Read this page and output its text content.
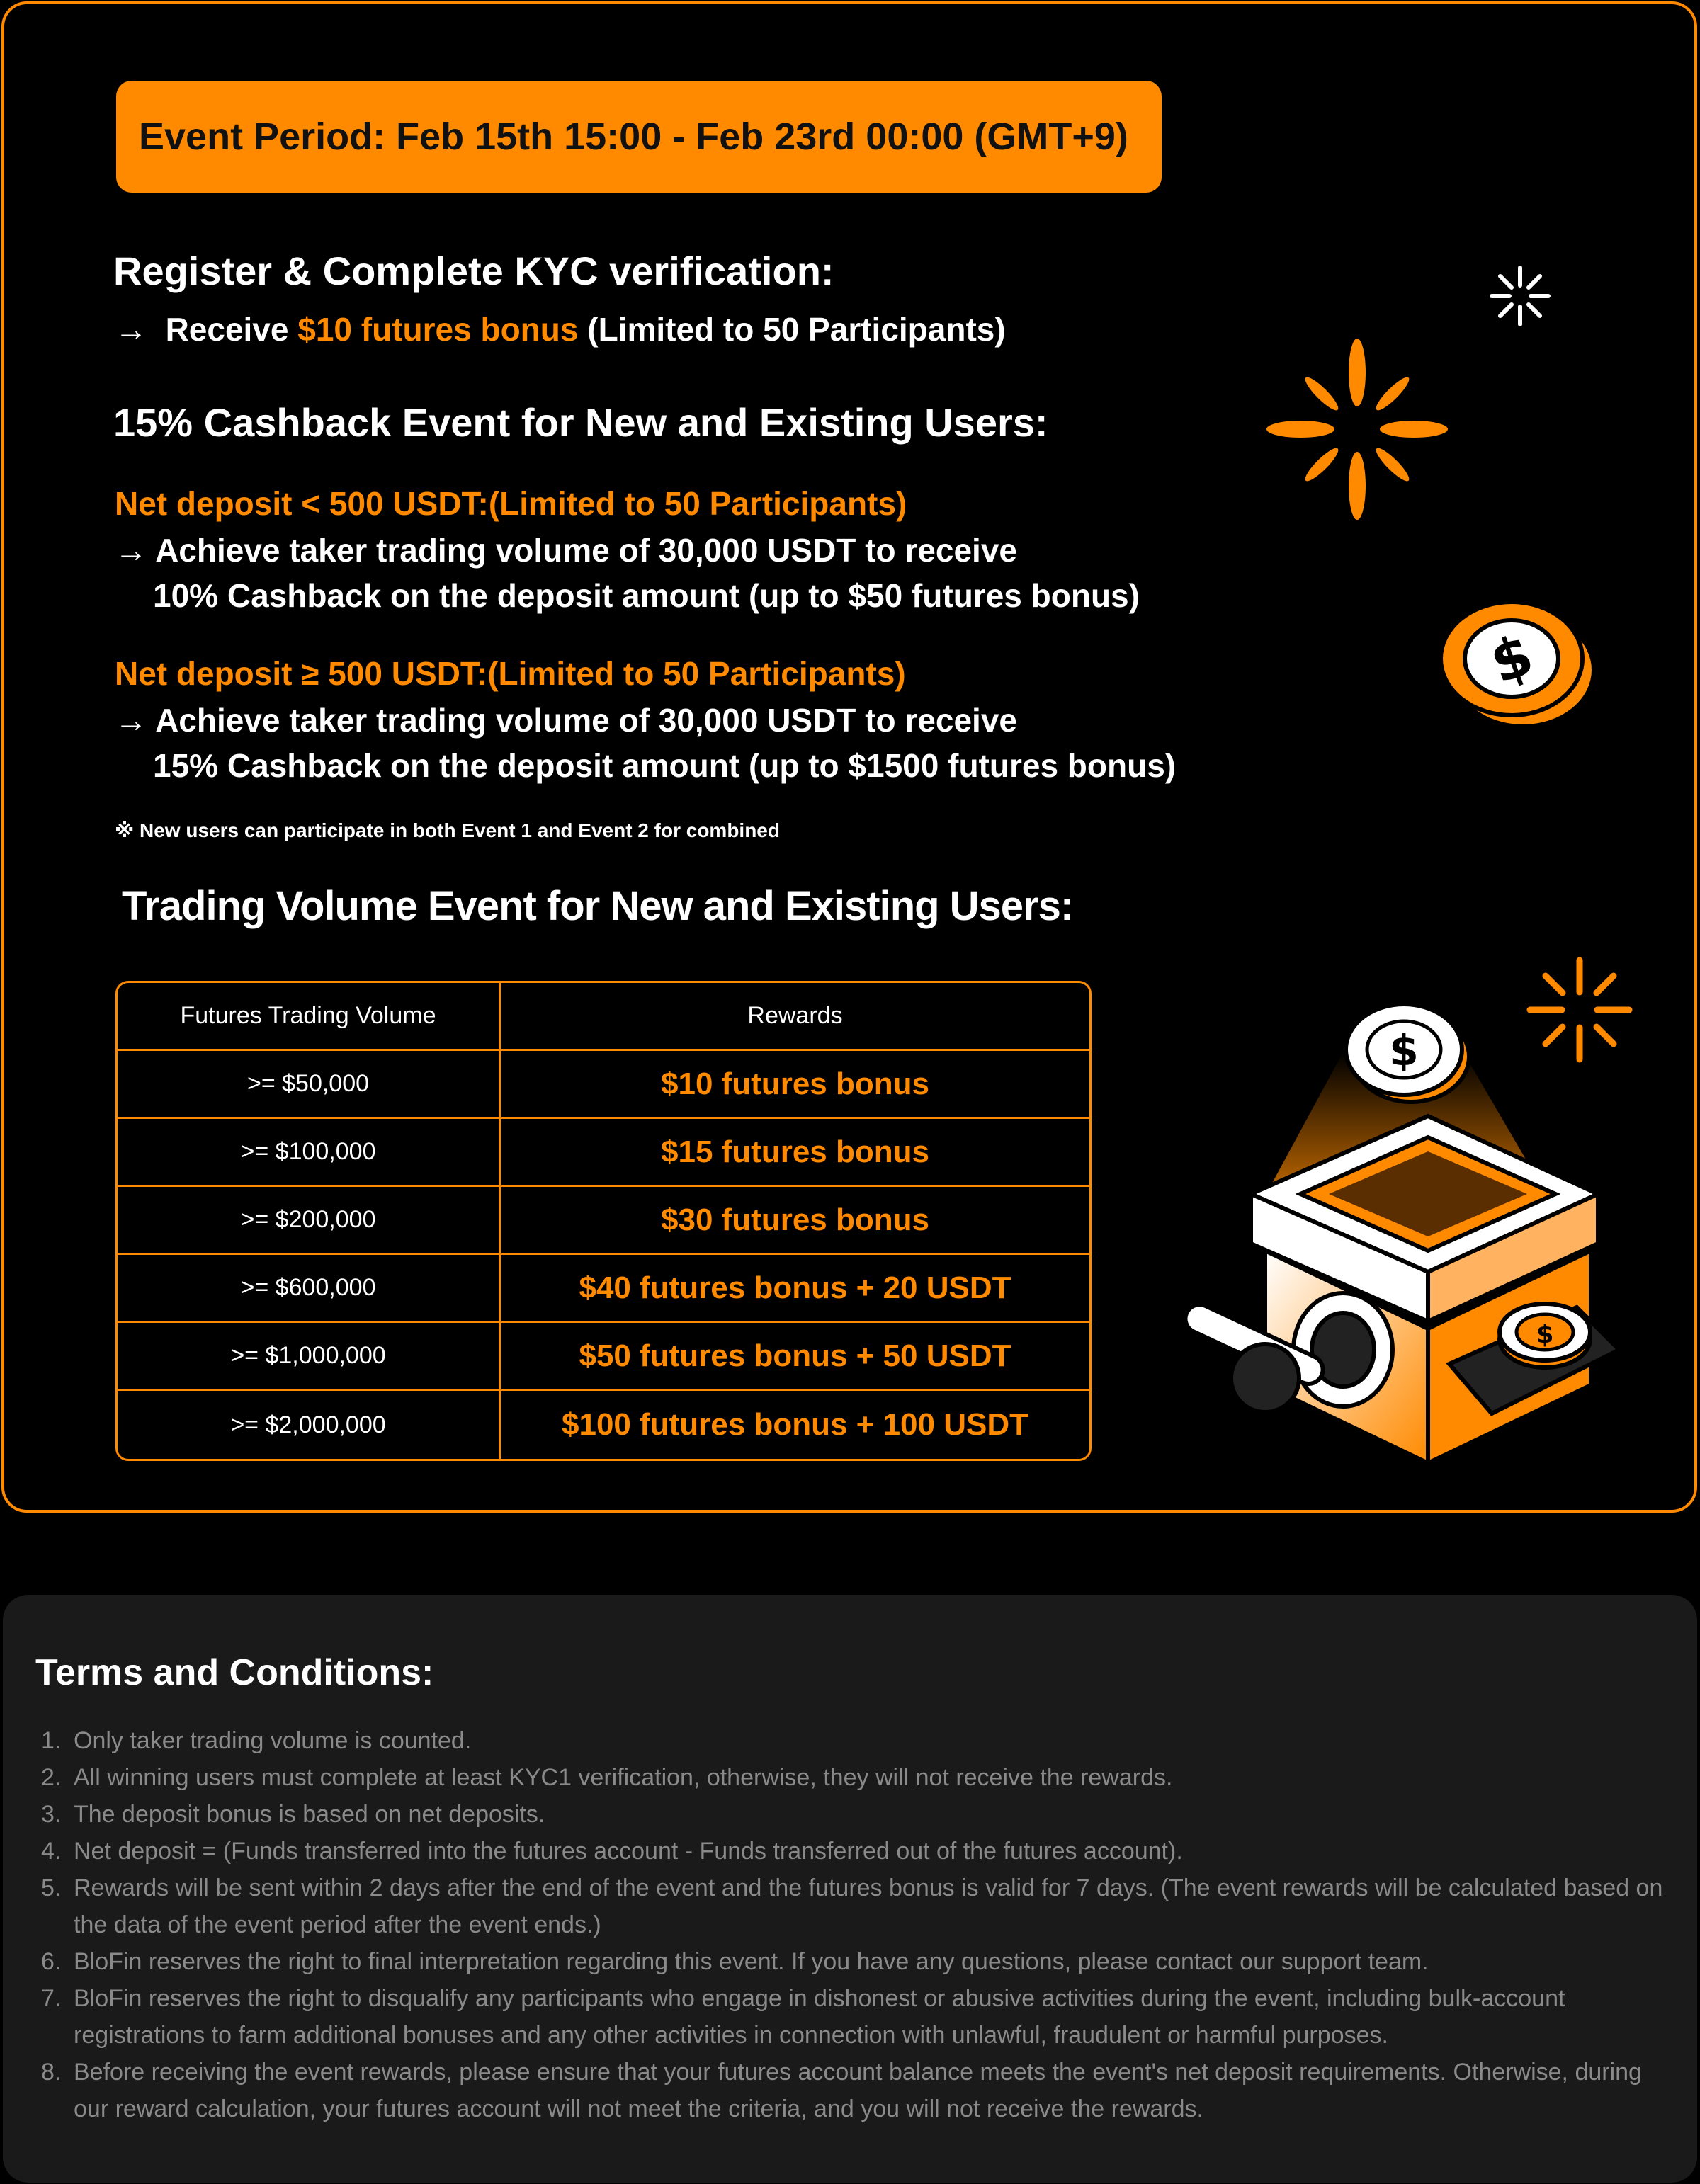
Event Period: Feb 15th 15:00 - Feb 23rd 00:00 (GMT+9)
Register & Complete KYC verification:
→ Receive $10 futures bonus (Limited to 50 Participants)
15% Cashback Event for New and Existing Users:
Net deposit < 500 USDT:(Limited to 50 Participants)
→ Achieve taker trading volume of 30,000 USDT to receive
10% Cashback on the deposit amount (up to $50 futures bonus)
Net deposit ≥ 500 USDT:(Limited to 50 Participants)
→ Achieve taker trading volume of 30,000 USDT to receive
15% Cashback on the deposit amount (up to $1500 futures bonus)
※ New users can participate in both Event 1 and Event 2 for combined
Trading Volume Event for New and Existing Users:
Futures Trading Volume	Rewards
>= $50,000	$10 futures bonus
>= $100,000	$15 futures bonus
>= $200,000	$30 futures bonus
>= $600,000	$40 futures bonus + 20 USDT
>= $1,000,000	$50 futures bonus + 50 USDT
>= $2,000,000	$100 futures bonus + 100 USDT
$
$
$
Terms and Conditions:
1. Only taker trading volume is counted.
2. All winning users must complete at least KYC1 verification, otherwise, they will not receive the rewards.
3. The deposit bonus is based on net deposits.
4. Net deposit = (Funds transferred into the futures account - Funds transferred out of the futures account).
5. Rewards will be sent within 2 days after the end of the event and the futures bonus is valid for 7 days. (The event rewards will be calculated based on the data of the event period after the event ends.)
6. BloFin reserves the right to final interpretation regarding this event. If you have any questions, please contact our support team.
7. BloFin reserves the right to disqualify any participants who engage in dishonest or abusive activities during the event, including bulk-account registrations to farm additional bonuses and any other activities in connection with unlawful, fraudulent or harmful purposes.
8. Before receiving the event rewards, please ensure that your futures account balance meets the event's net deposit requirements. Otherwise, during our reward calculation, your futures account will not meet the criteria, and you will not receive the rewards.
